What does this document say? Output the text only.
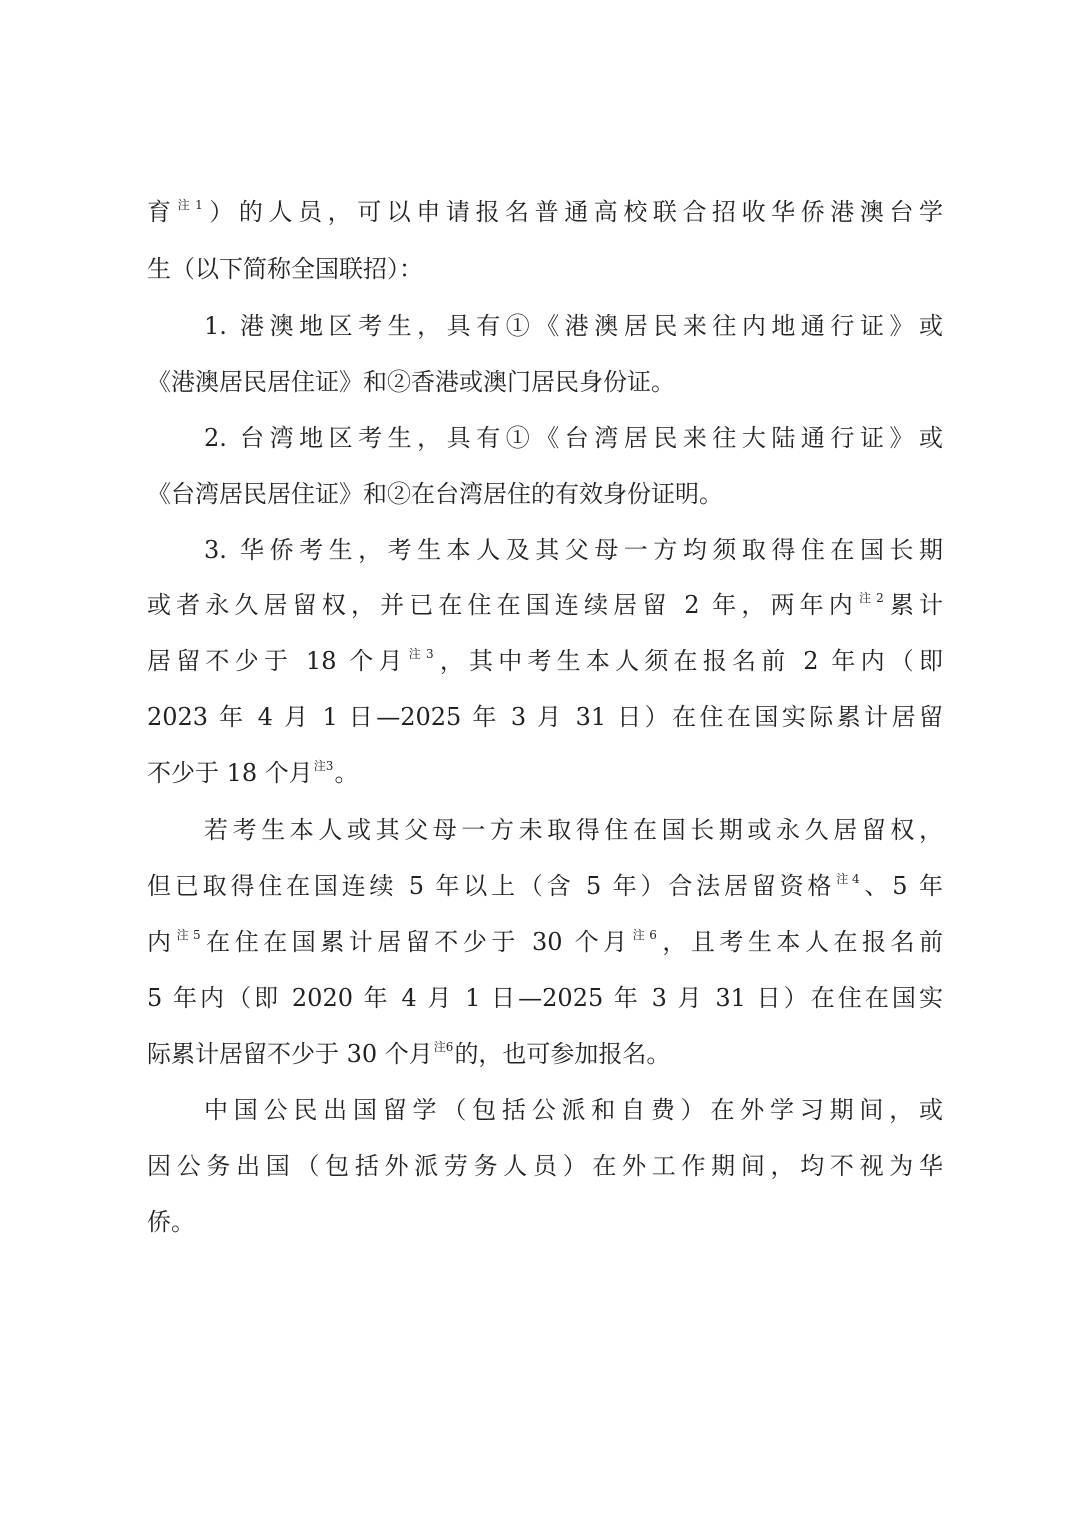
育$^{注1}$）的人员，可以申请报名普通高校联合招收华侨港澳台学
生（以下简称全国联招）：
1. 港澳地区考生，具有①《港澳居民来往内地通行证》或
《港澳居民居住证》和②香港或澳门居民身份证。
2. 台湾地区考生，具有①《台湾居民来往大陆通行证》或
《台湾居民居住证》和②在台湾居住的有效身份证明。
3. 华侨考生，考生本人及其父母一方均须取得住在国长期
或者永久居留权，并已在住在国连续居留 2 年，两年内$^{注2}$累计
居留不少于 18 个月$^{注3}$，其中考生本人须在报名前 2 年内（即
2023 年 4 月 1 日—2025 年 3 月 31 日）在住在国实际累计居留
不少于 18 个月$^{注3}$。
若考生本人或其父母一方未取得住在国长期或永久居留权，
但已取得住在国连续 5 年以上（含 5 年）合法居留资格$^{注4}$、5 年
内$^{注5}$在住在国累计居留不少于 30 个月$^{注6}$，且考生本人在报名前
5 年内（即 2020 年 4 月 1 日—2025 年 3 月 31 日）在住在国实
际累计居留不少于 30 个月$^{注6}$的，也可参加报名。
中国公民出国留学（包括公派和自费）在外学习期间，或
因公务出国（包括外派劳务人员）在外工作期间，均不视为华
侨。
